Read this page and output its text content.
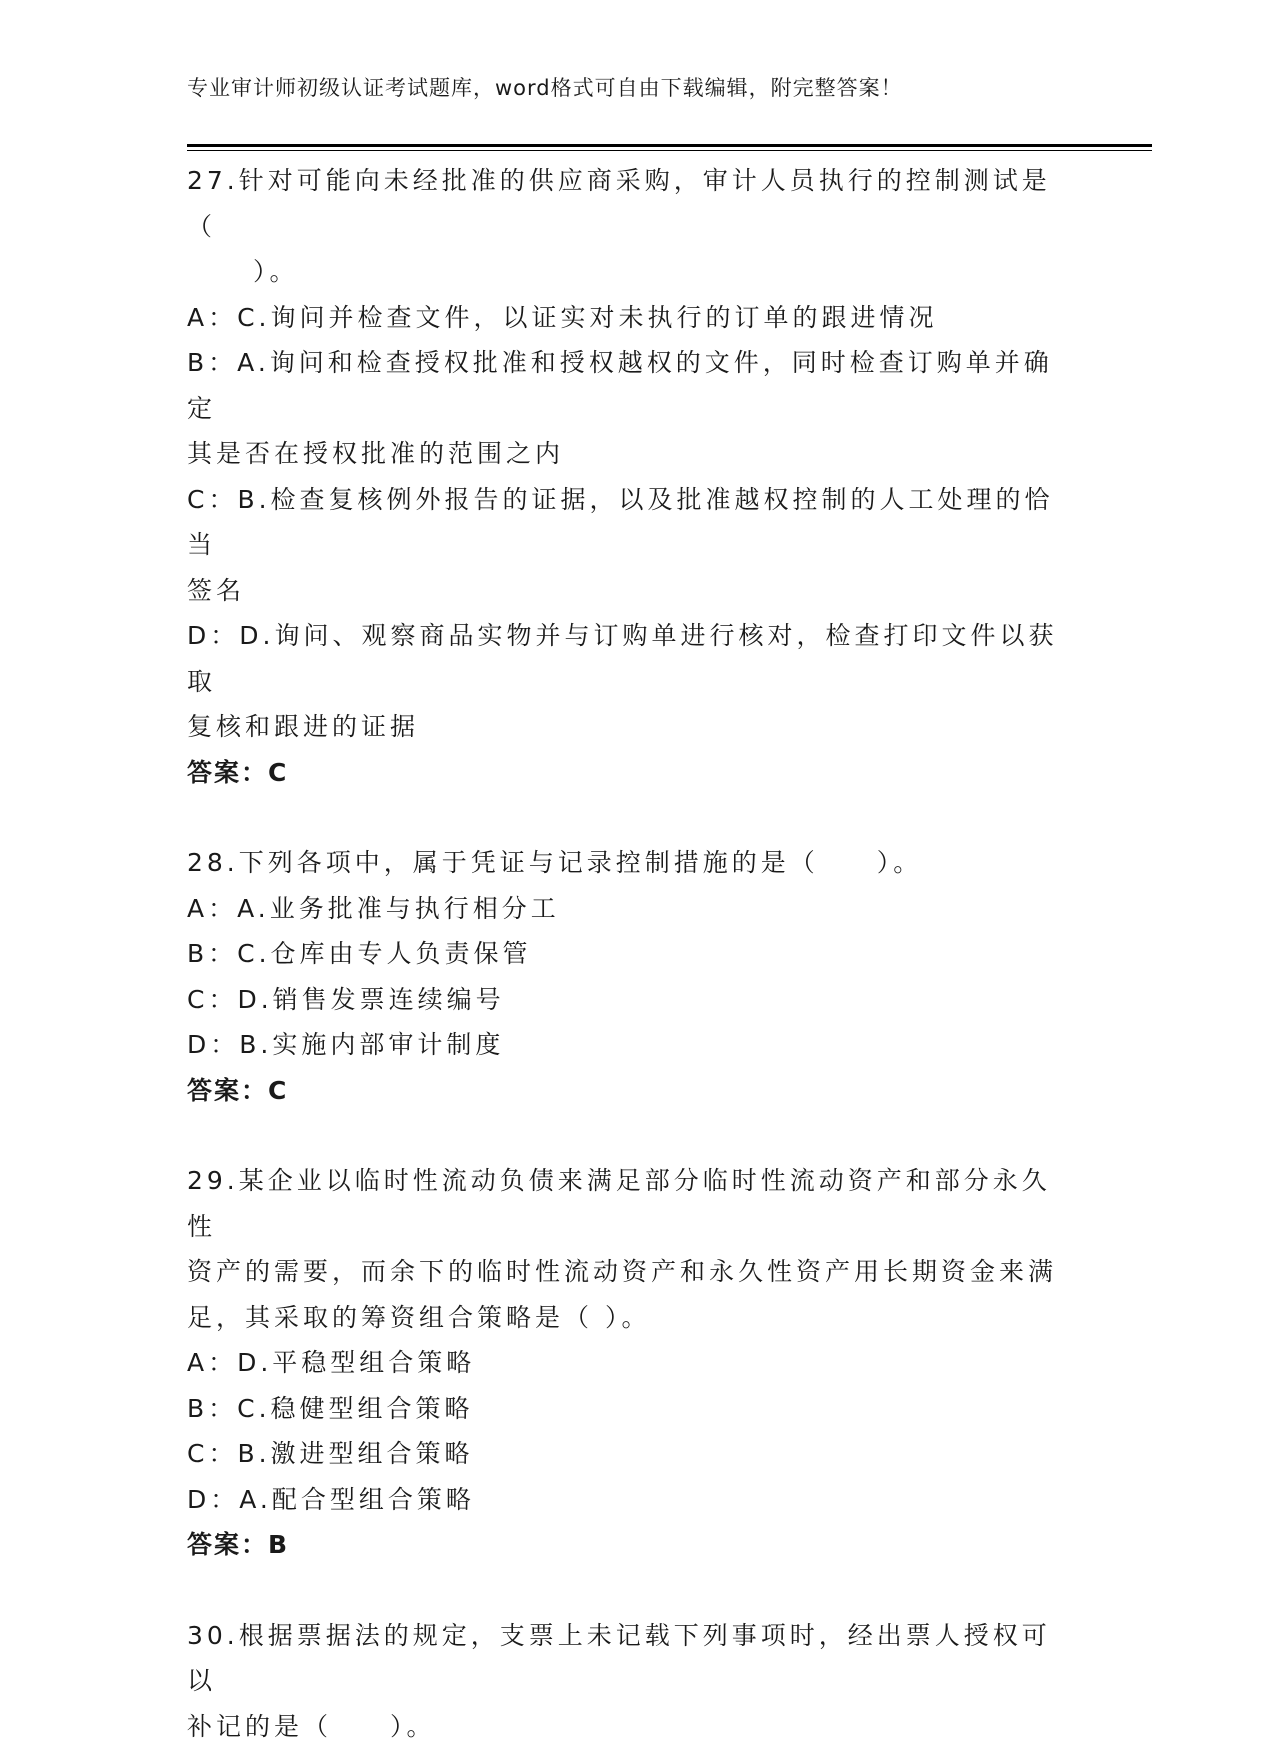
专业审计师初级认证考试题库，word格式可自由下载编辑，附完整答案！

27.针对可能向未经批准的供应商采购，审计人员执行的控制测试是（

）。

A：C.询问并检查文件，以证实对未执行的订单的跟进情况

B：A.询问和检查授权批准和授权越权的文件，同时检查订购单并确定

其是否在授权批准的范围之内

C：B.检查复核例外报告的证据，以及批准越权控制的人工处理的恰当

签名

D：D.询问、观察商品实物并与订购单进行核对，检查打印文件以获取

复核和跟进的证据

答案：C

28.下列各项中，属于凭证与记录控制措施的是（　　）。

A：A.业务批准与执行相分工

B：C.仓库由专人负责保管

C：D.销售发票连续编号

D：B.实施内部审计制度

答案：C

29.某企业以临时性流动负债来满足部分临时性流动资产和部分永久性

资产的需要，而余下的临时性流动资产和永久性资产用长期资金来满

足，其采取的筹资组合策略是（ ）。

A：D.平稳型组合策略

B：C.稳健型组合策略

C：B.激进型组合策略

D：A.配合型组合策略

答案：B

30.根据票据法的规定，支票上未记载下列事项时，经出票人授权可以

补记的是（　　）。
